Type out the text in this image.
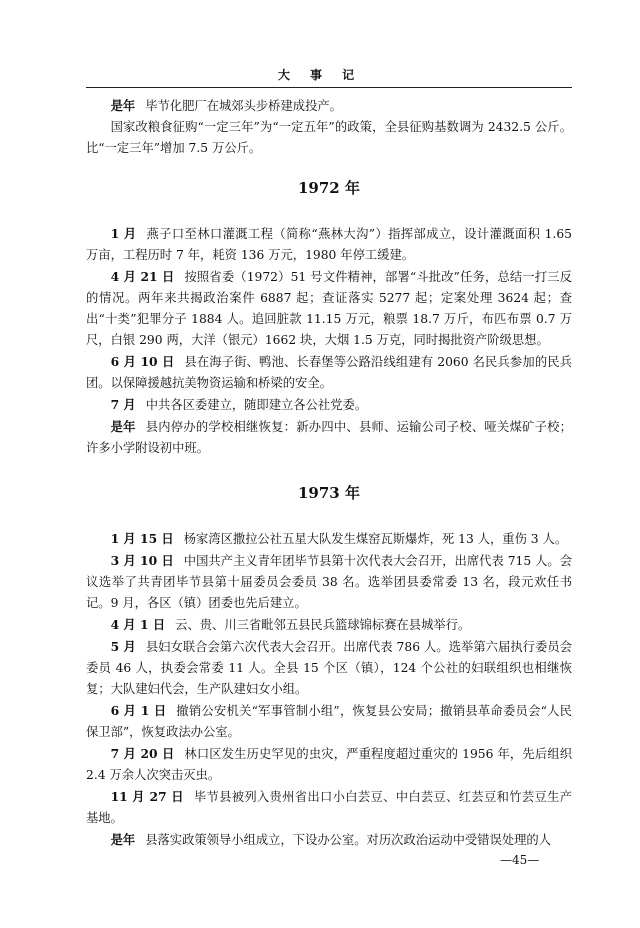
大 事 记

是年 毕节化肥厂在城郊头步桥建成投产。

国家改粮食征购“一定三年”为“一定五年”的政策，全县征购基数调为 2432.5 公斤。比“一定三年”增加 7.5 万公斤。

1972 年

1 月 燕子口至林口灌溉工程（简称“燕林大沟”）指挥部成立，设计灌溉面积 1.65 万亩，工程历时 7 年，耗资 136 万元，1980 年停工缓建。

4 月 21 日 按照省委（1972）51 号文件精神，部署“斗批改”任务，总结一打三反的情况。两年来共揭政治案件 6887 起；查证落实 5277 起；定案处理 3624 起；查出“十类”犯罪分子 1884 人。追回脏款 11.15 万元，粮票 18.7 万斤，布匹布票 0.7 万尺，白银 290 两，大洋（银元）1662 块，大烟 1.5 万克，同时揭批资产阶级思想。

6 月 10 日 县在海子街、鸭池、长春堡等公路沿线组建有 2060 名民兵参加的民兵团。以保障援越抗美物资运输和桥梁的安全。

7 月 中共各区委建立，随即建立各公社党委。

是年 县内停办的学校相继恢复：新办四中、县师、运输公司子校、哑关煤矿子校；许多小学附设初中班。

1973 年

1 月 15 日 杨家湾区撒拉公社五星大队发生煤窑瓦斯爆炸，死 13 人，重伤 3 人。

3 月 10 日 中国共产主义青年团毕节县第十次代表大会召开，出席代表 715 人。会议选举了共青团毕节县第十届委员会委员 38 名。选举团县委常委 13 名，段元欢任书记。9 月，各区（镇）团委也先后建立。

4 月 1 日 云、贵、川三省毗邻五县民兵篮球锦标赛在县城举行。

5 月 县妇女联合会第六次代表大会召开。出席代表 786 人。选举第六届执行委员会委员 46 人，执委会常委 11 人。全县 15 个区（镇），124 个公社的妇联组织也相继恢复；大队建妇代会，生产队建妇女小组。

6 月 1 日 撤销公安机关“军事管制小组”，恢复县公安局；撤销县革命委员会“人民保卫部”，恢复政法办公室。

7 月 20 日 林口区发生历史罕见的虫灾，严重程度超过重灾的 1956 年，先后组织 2.4 万余人次突击灭虫。

11 月 27 日 毕节县被列入贵州省出口小白芸豆、中白芸豆、红芸豆和竹芸豆生产基地。

是年 县落实政策领导小组成立，下设办公室。对历次政治运动中受错误处理的人

—45—
